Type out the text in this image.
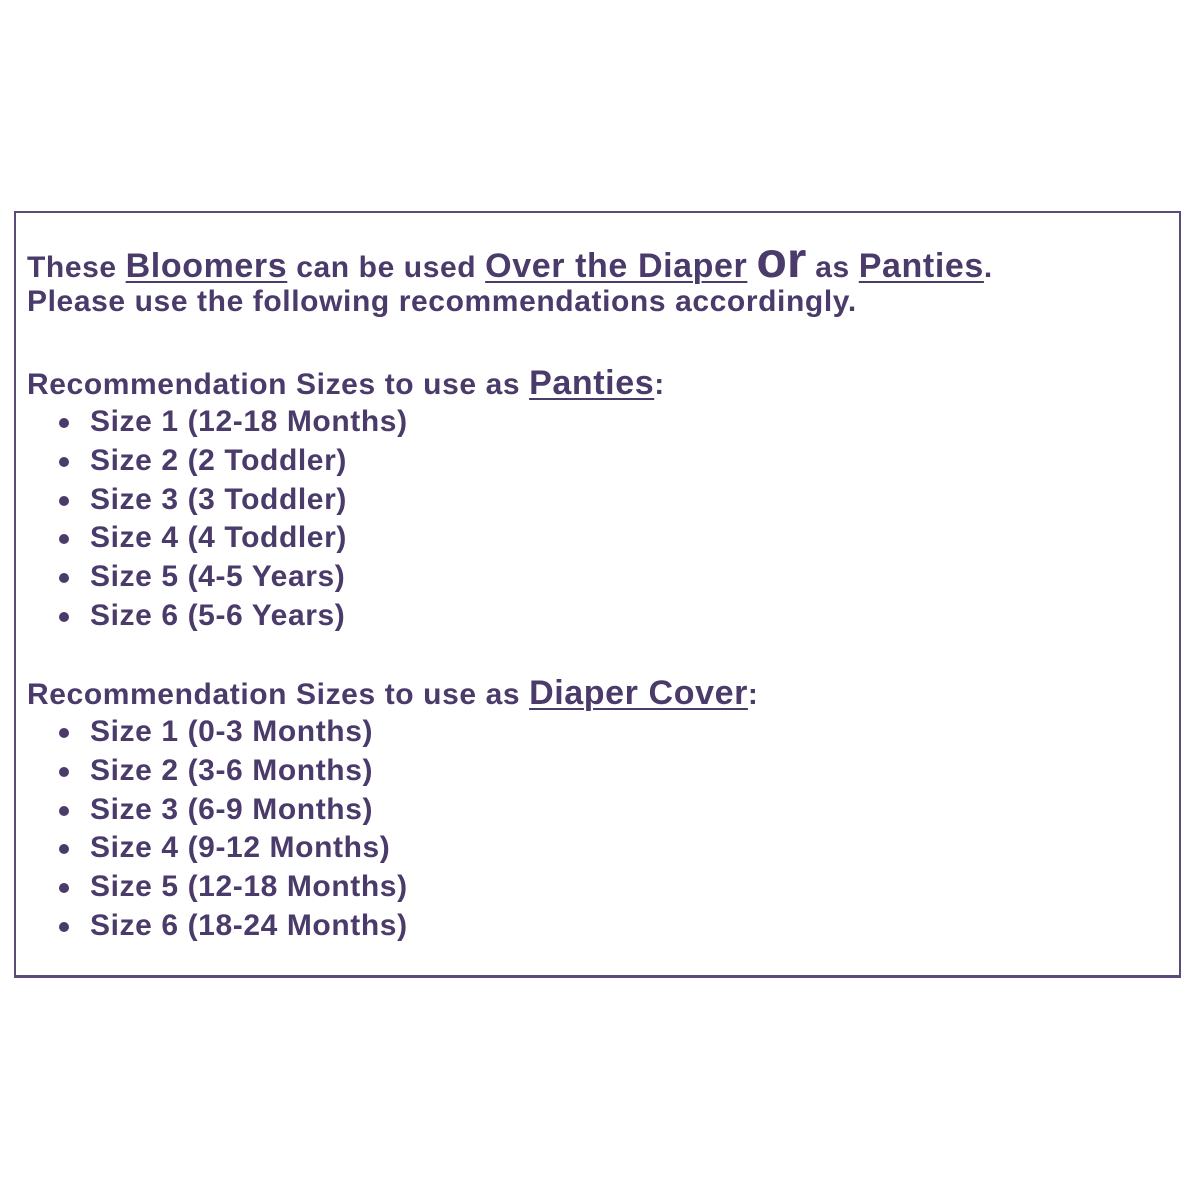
These Bloomers can be used Over the Diaper or as Panties.
Please use the following recommendations accordingly.
Recommendation Sizes to use as Panties:
Size 1 (12-18 Months)
Size 2 (2 Toddler)
Size 3 (3 Toddler)
Size 4 (4 Toddler)
Size 5 (4-5 Years)
Size 6 (5-6 Years)
Recommendation Sizes to use as Diaper Cover:
Size 1 (0-3 Months)
Size 2 (3-6 Months)
Size 3 (6-9 Months)
Size 4 (9-12 Months)
Size 5 (12-18 Months)
Size 6 (18-24 Months)
